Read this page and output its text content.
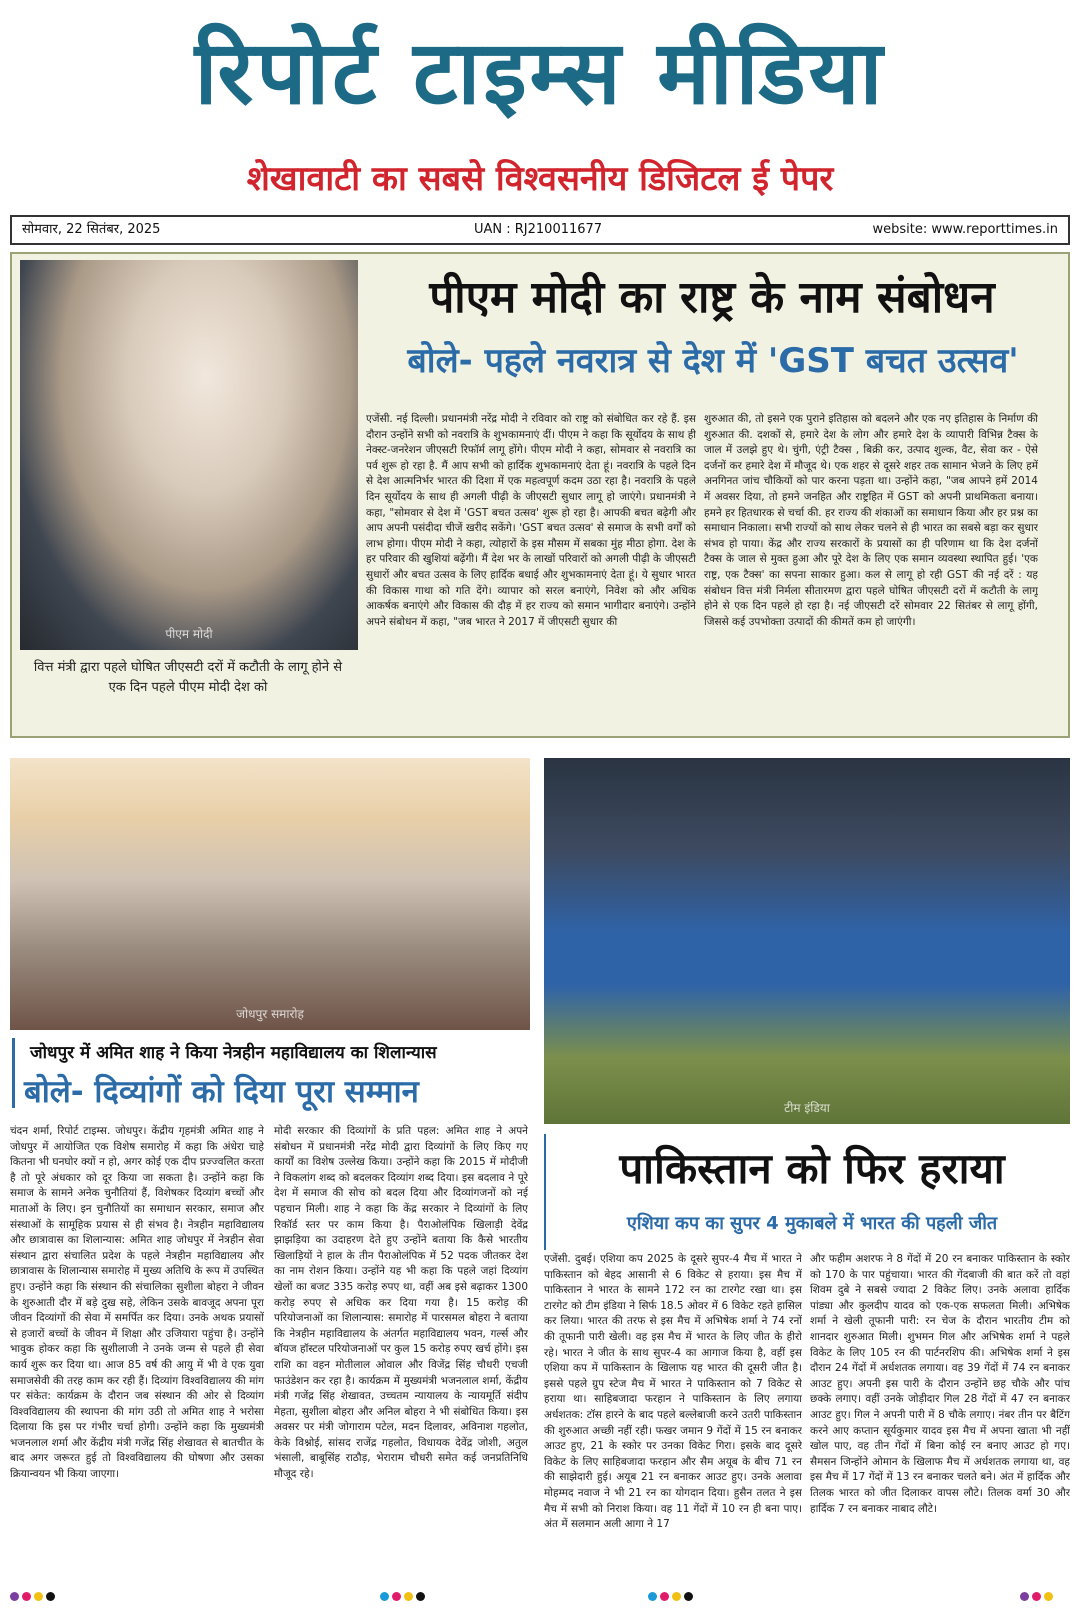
रिपोर्ट टाइम्स मीडिया
शेखावाटी का सबसे विश्वसनीय डिजिटल ई पेपर
सोमवार, 22 सितंबर, 2025	UAN : RJ210011677	website: www.reporttimes.in
पीएम मोदी
वित्त मंत्री द्वारा पहले घोषित जीएसटी दरों में कटौती के लागू होने से एक दिन पहले पीएम मोदी देश को
पीएम मोदी का राष्ट्र के नाम संबोधन
बोले- पहले नवरात्र से देश में 'GST बचत उत्सव'

एजेंसी. नई दिल्ली। प्रधानमंत्री नरेंद्र मोदी ने रविवार को राष्ट्र को संबोधित कर रहे हैं. इस दौरान उन्होंने सभी को नवरात्रि के शुभकामनाएं दीं। पीएम ने कहा कि सूर्योदय के साथ ही नेक्स्ट-जनरेशन जीएसटी रिफॉर्म लागू होंगे। पीएम मोदी ने कहा, सोमवार से नवरात्रि का पर्व शुरू हो रहा है. मैं आप सभी को हार्दिक शुभकामनाएं देता हूं। नवरात्रि के पहले दिन से देश आत्मनिर्भर भारत की दिशा में एक महत्वपूर्ण कदम उठा रहा है। नवरात्रि के पहले दिन सूर्योदय के साथ ही अगली पीढ़ी के जीएसटी सुधार लागू हो जाएंगे। प्रधानमंत्री ने कहा, "सोमवार से देश में 'GST बचत उत्सव' शुरू हो रहा है। आपकी बचत बढ़ेगी और आप अपनी पसंदीदा चीजें खरीद सकेंगे। 'GST बचत उत्सव' से समाज के सभी वर्गों को लाभ होगा। पीएम मोदी ने कहा, त्योहारों के इस मौसम में सबका मुंह मीठा होगा. देश के हर परिवार की खुशियां बढ़ेंगी। मैं देश भर के लाखों परिवारों को अगली पीढ़ी के जीएसटी सुधारों और बचत उत्सव के लिए हार्दिक बधाई और शुभकामनाएं देता हूं। ये सुधार भारत की विकास गाथा को गति देंगे। व्यापार को सरल बनाएंगे, निवेश को और अधिक आकर्षक बनाएंगे और विकास की दौड़ में हर राज्य को समान भागीदार बनाएंगे। उन्होंने अपने संबोधन में कहा, "जब भारत ने 2017 में जीएसटी सुधार की

शुरुआत की, तो इसने एक पुराने इतिहास को बदलने और एक नए इतिहास के निर्माण की शुरुआत की. दशकों से, हमारे देश के लोग और हमारे देश के व्यापारी विभिन्न टैक्स के जाल में उलझे हुए थे। चुंगी, एंट्री टैक्स , बिक्री कर, उत्पाद शुल्क, वैट, सेवा कर - ऐसे दर्जनों कर हमारे देश में मौजूद थे। एक शहर से दूसरे शहर तक सामान भेजने के लिए हमें अनगिनत जांच चौकियों को पार करना पड़ता था। उन्होंने कहा, "जब आपने हमें 2014 में अवसर दिया, तो हमने जनहित और राष्ट्रहित में GST को अपनी प्राथमिकता बनाया। हमने हर हितधारक से चर्चा की. हर राज्य की शंकाओं का समाधान किया और हर प्रश्न का समाधान निकाला। सभी राज्यों को साथ लेकर चलने से ही भारत का सबसे बड़ा कर सुधार संभव हो पाया। केंद्र और राज्य सरकारों के प्रयासों का ही परिणाम था कि देश दर्जनों टैक्स के जाल से मुक्त हुआ और पूरे देश के लिए एक समान व्यवस्था स्थापित हुई। 'एक राष्ट्र, एक टैक्स' का सपना साकार हुआ। कल से लागू हो रही GST की नई दरें : यह संबोधन वित्त मंत्री निर्मला सीतारमण द्वारा पहले घोषित जीएसटी दरों में कटौती के लागू होने से एक दिन पहले हो रहा है। नई जीएसटी दरें सोमवार 22 सितंबर से लागू होंगी, जिससे कई उपभोक्ता उत्पादों की कीमतें कम हो जाएंगी।

जोधपुर समारोह
जोधपुर में अमित शाह ने किया नेत्रहीन महाविद्यालय का शिलान्यास
बोले- दिव्यांगों को दिया पूरा सम्मान

चंदन शर्मा, रिपोर्ट टाइम्स. जोधपुर। केंद्रीय गृहमंत्री अमित शाह ने जोधपुर में आयोजित एक विशेष समारोह में कहा कि अंधेरा चाहे कितना भी घनघोर क्यों न हो, अगर कोई एक दीप प्रज्ज्वलित करता है तो पूरे अंधकार को दूर किया जा सकता है। उन्होंने कहा कि समाज के सामने अनेक चुनौतियां हैं, विशेषकर दिव्यांग बच्चों और माताओं के लिए। इन चुनौतियों का समाधान सरकार, समाज और संस्थाओं के सामूहिक प्रयास से ही संभव है। नेत्रहीन महाविद्यालय और छात्रावास का शिलान्यास: अमित शाह जोधपुर में नेत्रहीन सेवा संस्थान द्वारा संचालित प्रदेश के पहले नेत्रहीन महाविद्यालय और छात्रावास के शिलान्यास समारोह में मुख्य अतिथि के रूप में उपस्थित हुए। उन्होंने कहा कि संस्थान की संचालिका सुशीला बोहरा ने जीवन के शुरुआती दौर में बड़े दुख सहे, लेकिन उसके बावजूद अपना पूरा जीवन दिव्यांगों की सेवा में समर्पित कर दिया। उनके अथक प्रयासों से हजारों बच्चों के जीवन में शिक्षा और उजियारा पहुंचा है। उन्होंने भावुक होकर कहा कि सुशीलाजी ने उनके जन्म से पहले ही सेवा कार्य शुरू कर दिया था। आज 85 वर्ष की आयु में भी वे एक युवा समाजसेवी की तरह काम कर रही हैं। दिव्यांग विश्वविद्यालय की मांग पर संकेत: कार्यक्रम के दौरान जब संस्थान की ओर से दिव्यांग विश्वविद्यालय की स्थापना की मांग उठी तो अमित शाह ने भरोसा दिलाया कि इस पर गंभीर चर्चा होगी। उन्होंने कहा कि मुख्यमंत्री भजनलाल शर्मा और केंद्रीय मंत्री गजेंद्र सिंह शेखावत से बातचीत के बाद अगर जरूरत हुई तो विश्वविद्यालय की घोषणा और उसका क्रियान्वयन भी किया जाएगा।

मोदी सरकार की दिव्यांगों के प्रति पहल: अमित शाह ने अपने संबोधन में प्रधानमंत्री नरेंद्र मोदी द्वारा दिव्यांगों के लिए किए गए कार्यों का विशेष उल्लेख किया। उन्होंने कहा कि 2015 में मोदीजी ने विकलांग शब्द को बदलकर दिव्यांग शब्द दिया। इस बदलाव ने पूरे देश में समाज की सोच को बदल दिया और दिव्यांगजनों को नई पहचान मिली। शाह ने कहा कि केंद्र सरकार ने दिव्यांगों के लिए रिकॉर्ड स्तर पर काम किया है। पैराओलंपिक खिलाड़ी देवेंद्र झाझड़िया का उदाहरण देते हुए उन्होंने बताया कि कैसे भारतीय खिलाड़ियों ने हाल के तीन पैराओलंपिक में 52 पदक जीतकर देश का नाम रोशन किया। उन्होंने यह भी कहा कि पहले जहां दिव्यांग खेलों का बजट 335 करोड़ रुपए था, वहीं अब इसे बढ़ाकर 1300 करोड़ रुपए से अधिक कर दिया गया है। 15 करोड़ की परियोजनाओं का शिलान्यास: समारोह में पारसमल बोहरा ने बताया कि नेत्रहीन महाविद्यालय के अंतर्गत महाविद्यालय भवन, गर्ल्स और बॉयज हॉस्टल परियोजनाओं पर कुल 15 करोड़ रुपए खर्च होंगे। इस राशि का वहन मोतीलाल ओवाल और विजेंद्र सिंह चौधरी एचजी फाउंडेशन कर रहा है। कार्यक्रम में मुख्यमंत्री भजनलाल शर्मा, केंद्रीय मंत्री गजेंद्र सिंह शेखावत, उच्चतम न्यायालय के न्यायमूर्ति संदीप मेहता, सुशीला बोहरा और अनिल बोहरा ने भी संबोधित किया। इस अवसर पर मंत्री जोगाराम पटेल, मदन दिलावर, अविनाश गहलोत, केके विश्नोई, सांसद राजेंद्र गहलोत, विधायक देवेंद्र जोशी, अतुल भंसाली, बाबूसिंह राठौड़, भेराराम चौधरी समेत कई जनप्रतिनिधि मौजूद रहे।

टीम इंडिया
पाकिस्तान को फिर हराया
एशिया कप का सुपर 4 मुकाबले में भारत की पहली जीत

एजेंसी. दुबई। एशिया कप 2025 के दूसरे सुपर-4 मैच में भारत ने पाकिस्तान को बेहद आसानी से 6 विकेट से हराया। इस मैच में पाकिस्तान ने भारत के सामने 172 रन का टारगेट रखा था। इस टारगेट को टीम इंडिया ने सिर्फ 18.5 ओवर में 6 विकेट रहते हासिल कर लिया। भारत की तरफ से इस मैच में अभिषेक शर्मा ने 74 रनों की तूफानी पारी खेली। वह इस मैच में भारत के लिए जीत के हीरो रहे। भारत ने जीत के साथ सुपर-4 का आगाज किया है, वहीं इस एशिया कप में पाकिस्तान के खिलाफ यह भारत की दूसरी जीत है। इससे पहले ग्रुप स्टेज मैच में भारत ने पाकिस्तान को 7 विकेट से हराया था। साहिबजादा फरहान ने पाकिस्तान के लिए लगाया अर्धशतक: टॉस हारने के बाद पहले बल्लेबाजी करने उतरी पाकिस्तान की शुरुआत अच्छी नहीं रही। फखर जमान 9 गेंदों में 15 रन बनाकर आउट हुए, 21 के स्कोर पर उनका विकेट गिरा। इसके बाद दूसरे विकेट के लिए साहिबजादा फरहान और सैम अयूब के बीच 71 रन की साझेदारी हुई। अयूब 21 रन बनाकर आउट हुए। उनके अलावा मोहम्मद नवाज ने भी 21 रन का योगदान दिया। हुसैन तलत ने इस मैच में सभी को निराश किया। वह 11 गेंदों में 10 रन ही बना पाए। अंत में सलमान अली आगा ने 17

और फहीम अशरफ ने 8 गेंदों में 20 रन बनाकर पाकिस्तान के स्कोर को 170 के पार पहुंचाया। भारत की गेंदबाजी की बात करें तो वहां शिवम दुबे ने सबसे ज्यादा 2 विकेट लिए। उनके अलावा हार्दिक पांड्या और कुलदीप यादव को एक-एक सफलता मिली। अभिषेक शर्मा ने खेली तूफानी पारी: रन चेज के दौरान भारतीय टीम को शानदार शुरुआत मिली। शुभमन गिल और अभिषेक शर्मा ने पहले विकेट के लिए 105 रन की पार्टनरशिप की। अभिषेक शर्मा ने इस दौरान 24 गेंदों में अर्धशतक लगाया। वह 39 गेंदों में 74 रन बनाकर आउट हुए। अपनी इस पारी के दौरान उन्होंने छह चौके और पांच छक्के लगाए। वहीं उनके जोड़ीदार गिल 28 गेंदों में 47 रन बनाकर आउट हुए। गिल ने अपनी पारी में 8 चौके लगाए। नंबर तीन पर बैटिंग करने आए कप्तान सूर्यकुमार यादव इस मैच में अपना खाता भी नहीं खोल पाए, वह तीन गेंदों में बिना कोई रन बनाए आउट हो गए। सैमसन जिन्होंने ओमान के खिलाफ मैच में अर्धशतक लगाया था, वह इस मैच में 17 गेंदों में 13 रन बनाकर चलते बने। अंत में हार्दिक और तिलक भारत को जीत दिलाकर वापस लौटे। तिलक वर्मा 30 और हार्दिक 7 रन बनाकर नाबाद लौटे।
